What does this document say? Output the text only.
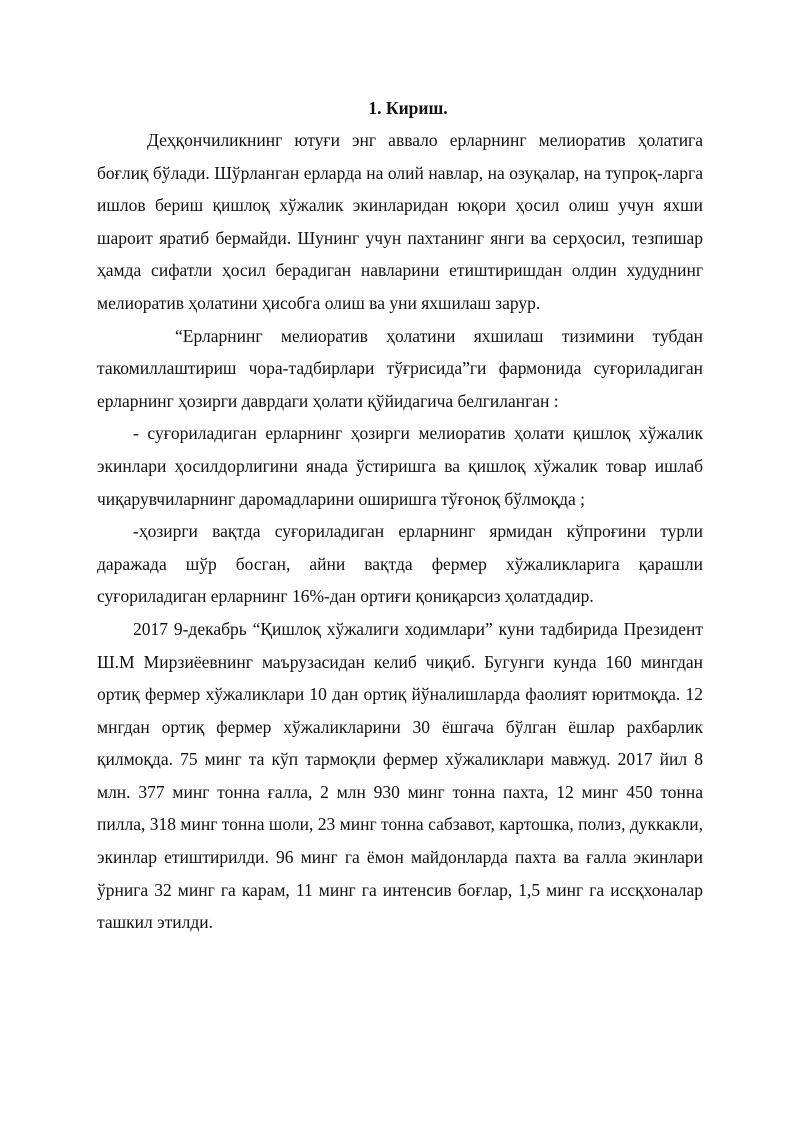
1. Кириш.

Деҳқончиликнинг ютуғи энг аввало ерларнинг мелиоратив ҳолатига боғлиқ бўлади. Шўрланган ерларда на олий навлар, на озуқалар, на тупроқ-ларга ишлов бериш қишлоқ хўжалик экинларидан юқори ҳосил олиш учун яхши шароит яратиб бермайди. Шунинг учун пахтанинг янги ва серҳосил, тезпишар ҳамда сифатли ҳосил берадиган навларини етиштиришдан олдин худуднинг мелиоратив ҳолатини ҳисобга олиш ва уни яхшилаш зарур.

“Ерларнинг мелиоратив ҳолатини яхшилаш тизимини тубдан такомиллаштириш чора-тадбирлари тўғрисида”ги фармонида суғориладиган ерларнинг ҳозирги даврдаги ҳолати қўйидагича белгиланган :

- суғориладиган ерларнинг ҳозирги мелиоратив ҳолати қишлоқ хўжалик экинлари ҳосилдорлигини янада ўстиришга ва қишлоқ хўжалик товар ишлаб чиқарувчиларнинг даромадларини оширишга тўғоноқ бўлмоқда ;

-ҳозирги вақтда суғориладиган ерларнинг ярмидан кўпроғини турли даражада шўр босган, айни вақтда фермер хўжаликларига қарашли суғориладиган ерларнинг 16%-дан ортиғи қониқарсиз ҳолатдадир.

2017 9-декабрь “Қишлоқ хўжалиги ходимлари” куни тадбирида Президент Ш.М Мирзиёевнинг маърузасидан келиб чиқиб. Бугунги кунда 160 мингдан ортиқ фермер хўжаликлари 10 дан ортиқ йўналишларда фаолият юритмоқда. 12 мнгдан ортиқ фермер хўжаликларини 30 ёшгача бўлган ёшлар рахбарлик қилмоқда. 75 минг та кўп тармоқли фермер хўжаликлари мавжуд. 2017 йил 8 млн. 377 минг тонна ғалла, 2 млн 930 минг тонна пахта, 12 минг 450 тонна пилла, 318 минг тонна шоли, 23 минг тонна сабзавот, картошка, полиз, дуккакли, экинлар етиштирилди. 96 минг га ёмон майдонларда пахта ва ғалла экинлари ўрнига 32 минг га карам, 11 минг га интенсив боғлар, 1,5 минг га иссқхоналар ташкил этилди.
